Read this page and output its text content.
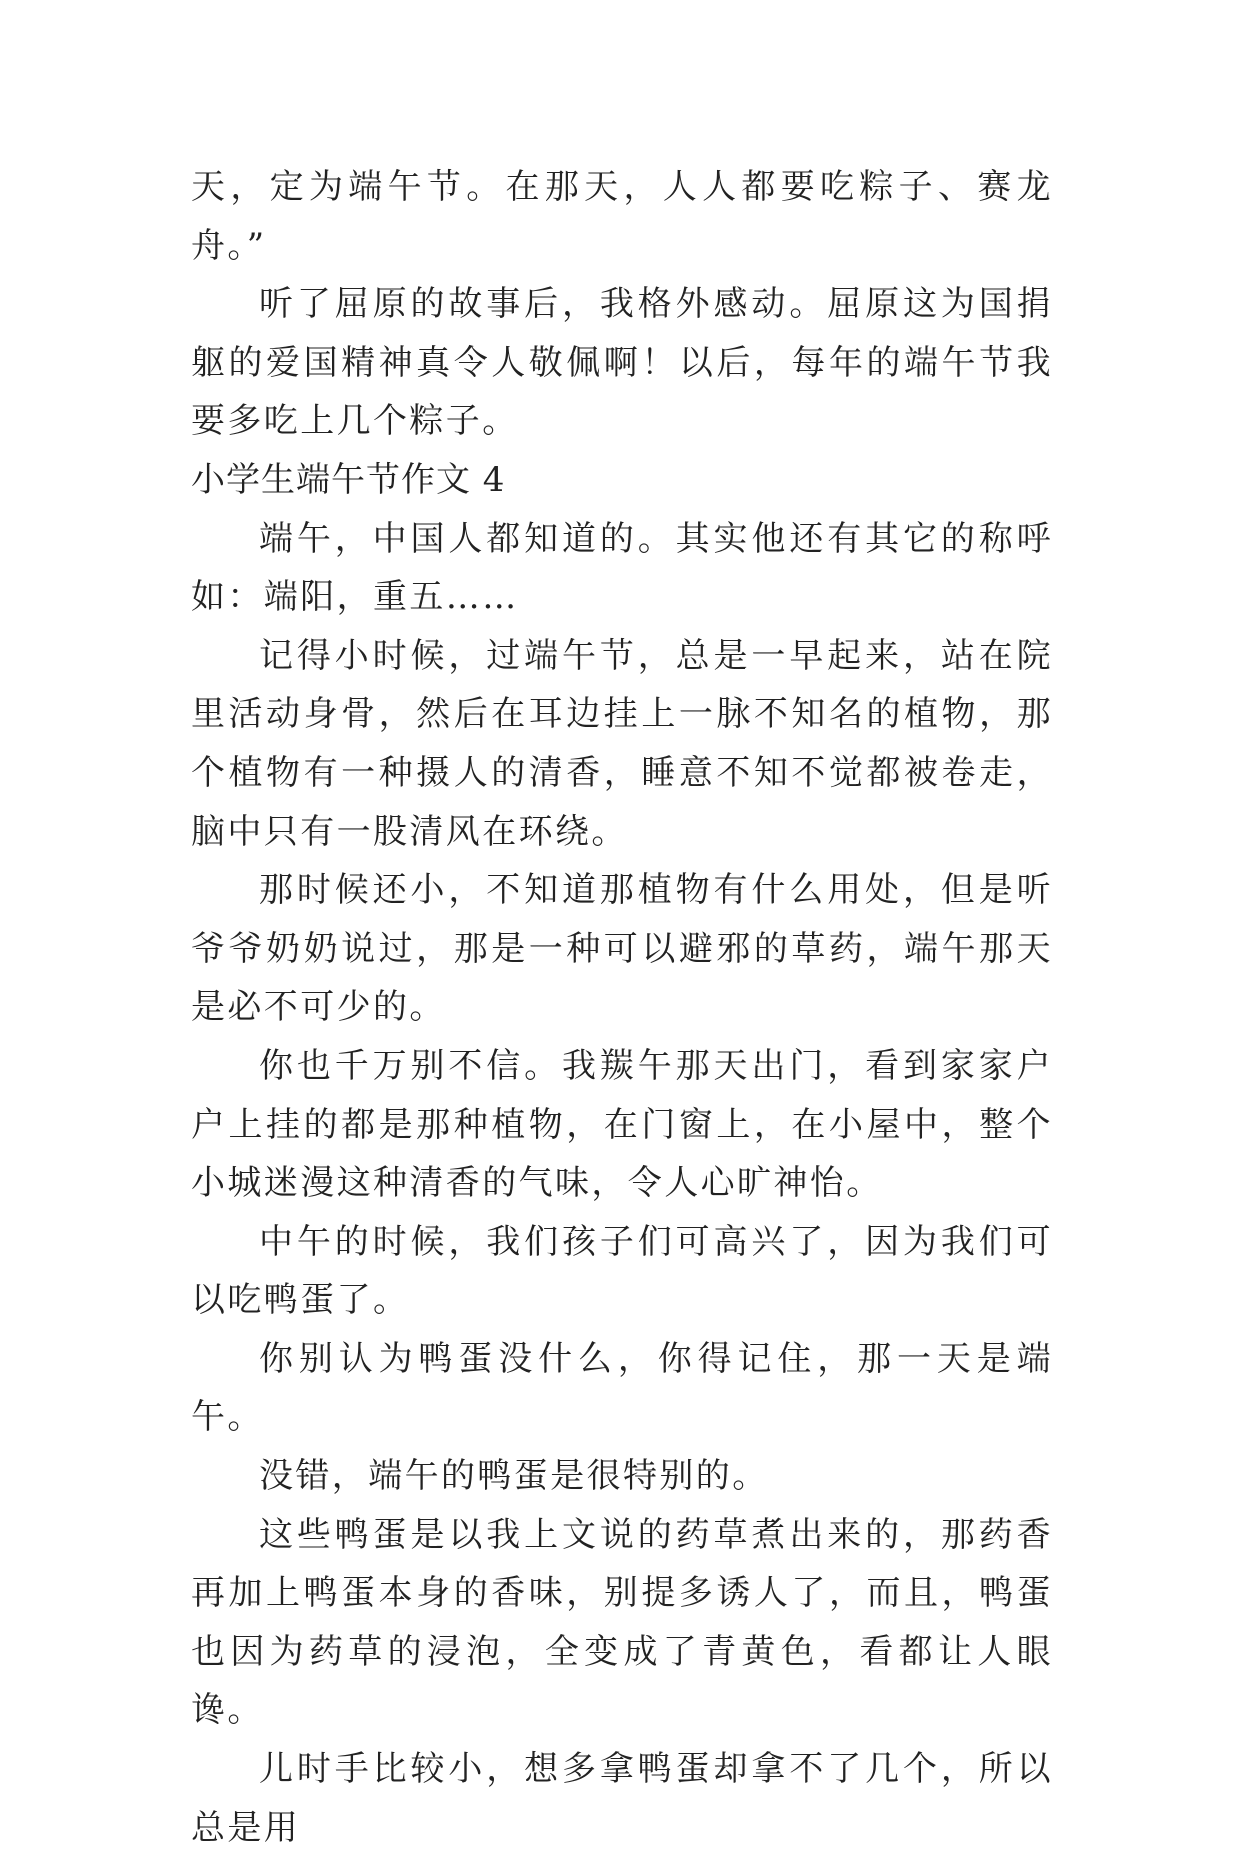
天，定为端午节。在那天，人人都要吃粽子、赛龙舟。”

听了屈原的故事后，我格外感动。屈原这为国捐躯的爱国精神真令人敬佩啊！以后，每年的端午节我要多吃上几个粽子。

小学生端午节作文 4

端午，中国人都知道的。其实他还有其它的称呼如：端阳，重五……

记得小时候，过端午节，总是一早起来，站在院里活动身骨，然后在耳边挂上一脉不知名的植物，那个植物有一种摄人的清香，睡意不知不觉都被卷走，脑中只有一股清风在环绕。

那时候还小，不知道那植物有什么用处，但是听爷爷奶奶说过，那是一种可以避邪的草药，端午那天是必不可少的。

你也千万别不信。我羰午那天出门，看到家家户户上挂的都是那种植物，在门窗上，在小屋中，整个小城迷漫这种清香的气味，令人心旷神怡。

中午的时候，我们孩子们可高兴了，因为我们可以吃鸭蛋了。

你别认为鸭蛋没什么，你得记住，那一天是端午。

没错，端午的鸭蛋是很特别的。

这些鸭蛋是以我上文说的药草煮出来的，那药香再加上鸭蛋本身的香味，别提多诱人了，而且，鸭蛋也因为药草的浸泡，全变成了青黄色，看都让人眼谗。

儿时手比较小，想多拿鸭蛋却拿不了几个，所以总是用
